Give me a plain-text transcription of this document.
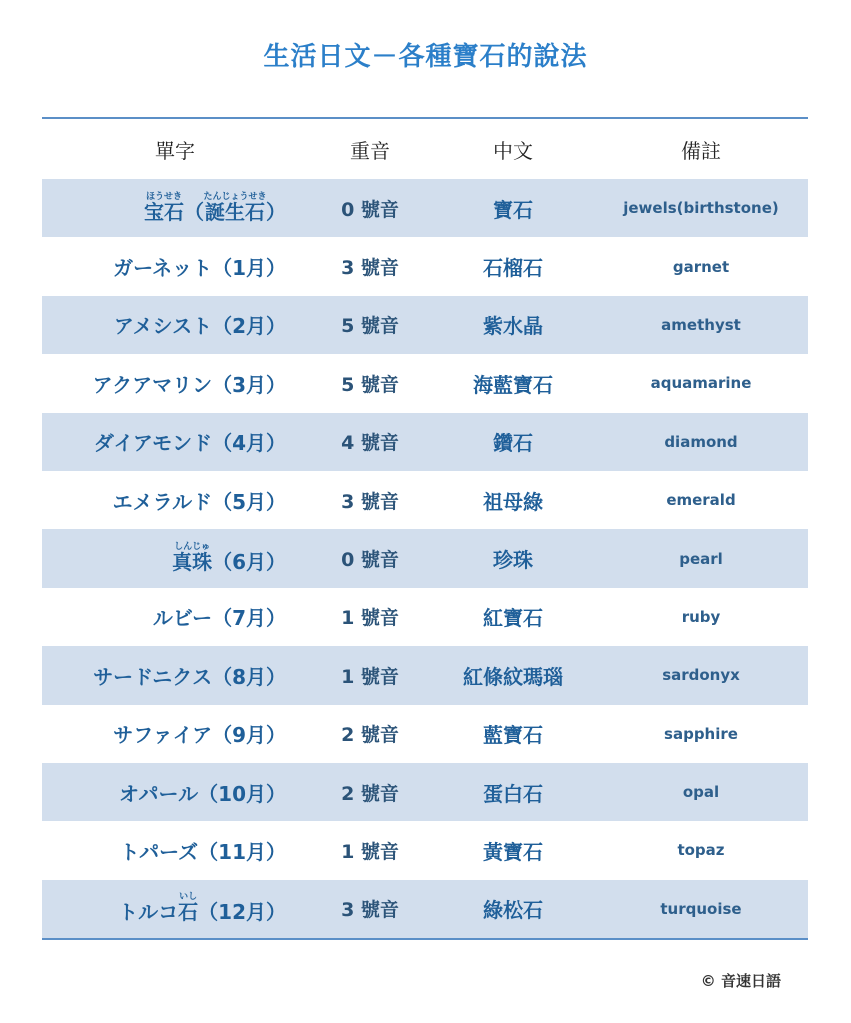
生活日文－各種寶石的說法
單字	重音	中文	備註
宝石ほうせき（誕生石たんじょうせき）	0 號音	寶石	jewels(birthstone)
ガーネット（1月）	3 號音	石榴石	garnet
アメシスト（2月）	5 號音	紫水晶	amethyst
アクアマリン（3月）	5 號音	海藍寶石	aquamarine
ダイアモンド（4月）	4 號音	鑽石	diamond
エメラルド（5月）	3 號音	祖母綠	emerald
真珠しんじゅ（6月）	0 號音	珍珠	pearl
ルビー（7月）	1 號音	紅寶石	ruby
サードニクス（8月）	1 號音	紅條紋瑪瑙	sardonyx
サファイア（9月）	2 號音	藍寶石	sapphire
オパール（10月）	2 號音	蛋白石	opal
トパーズ（11月）	1 號音	黃寶石	topaz
トルコ石いし（12月）	3 號音	綠松石	turquoise
© 音速日語
